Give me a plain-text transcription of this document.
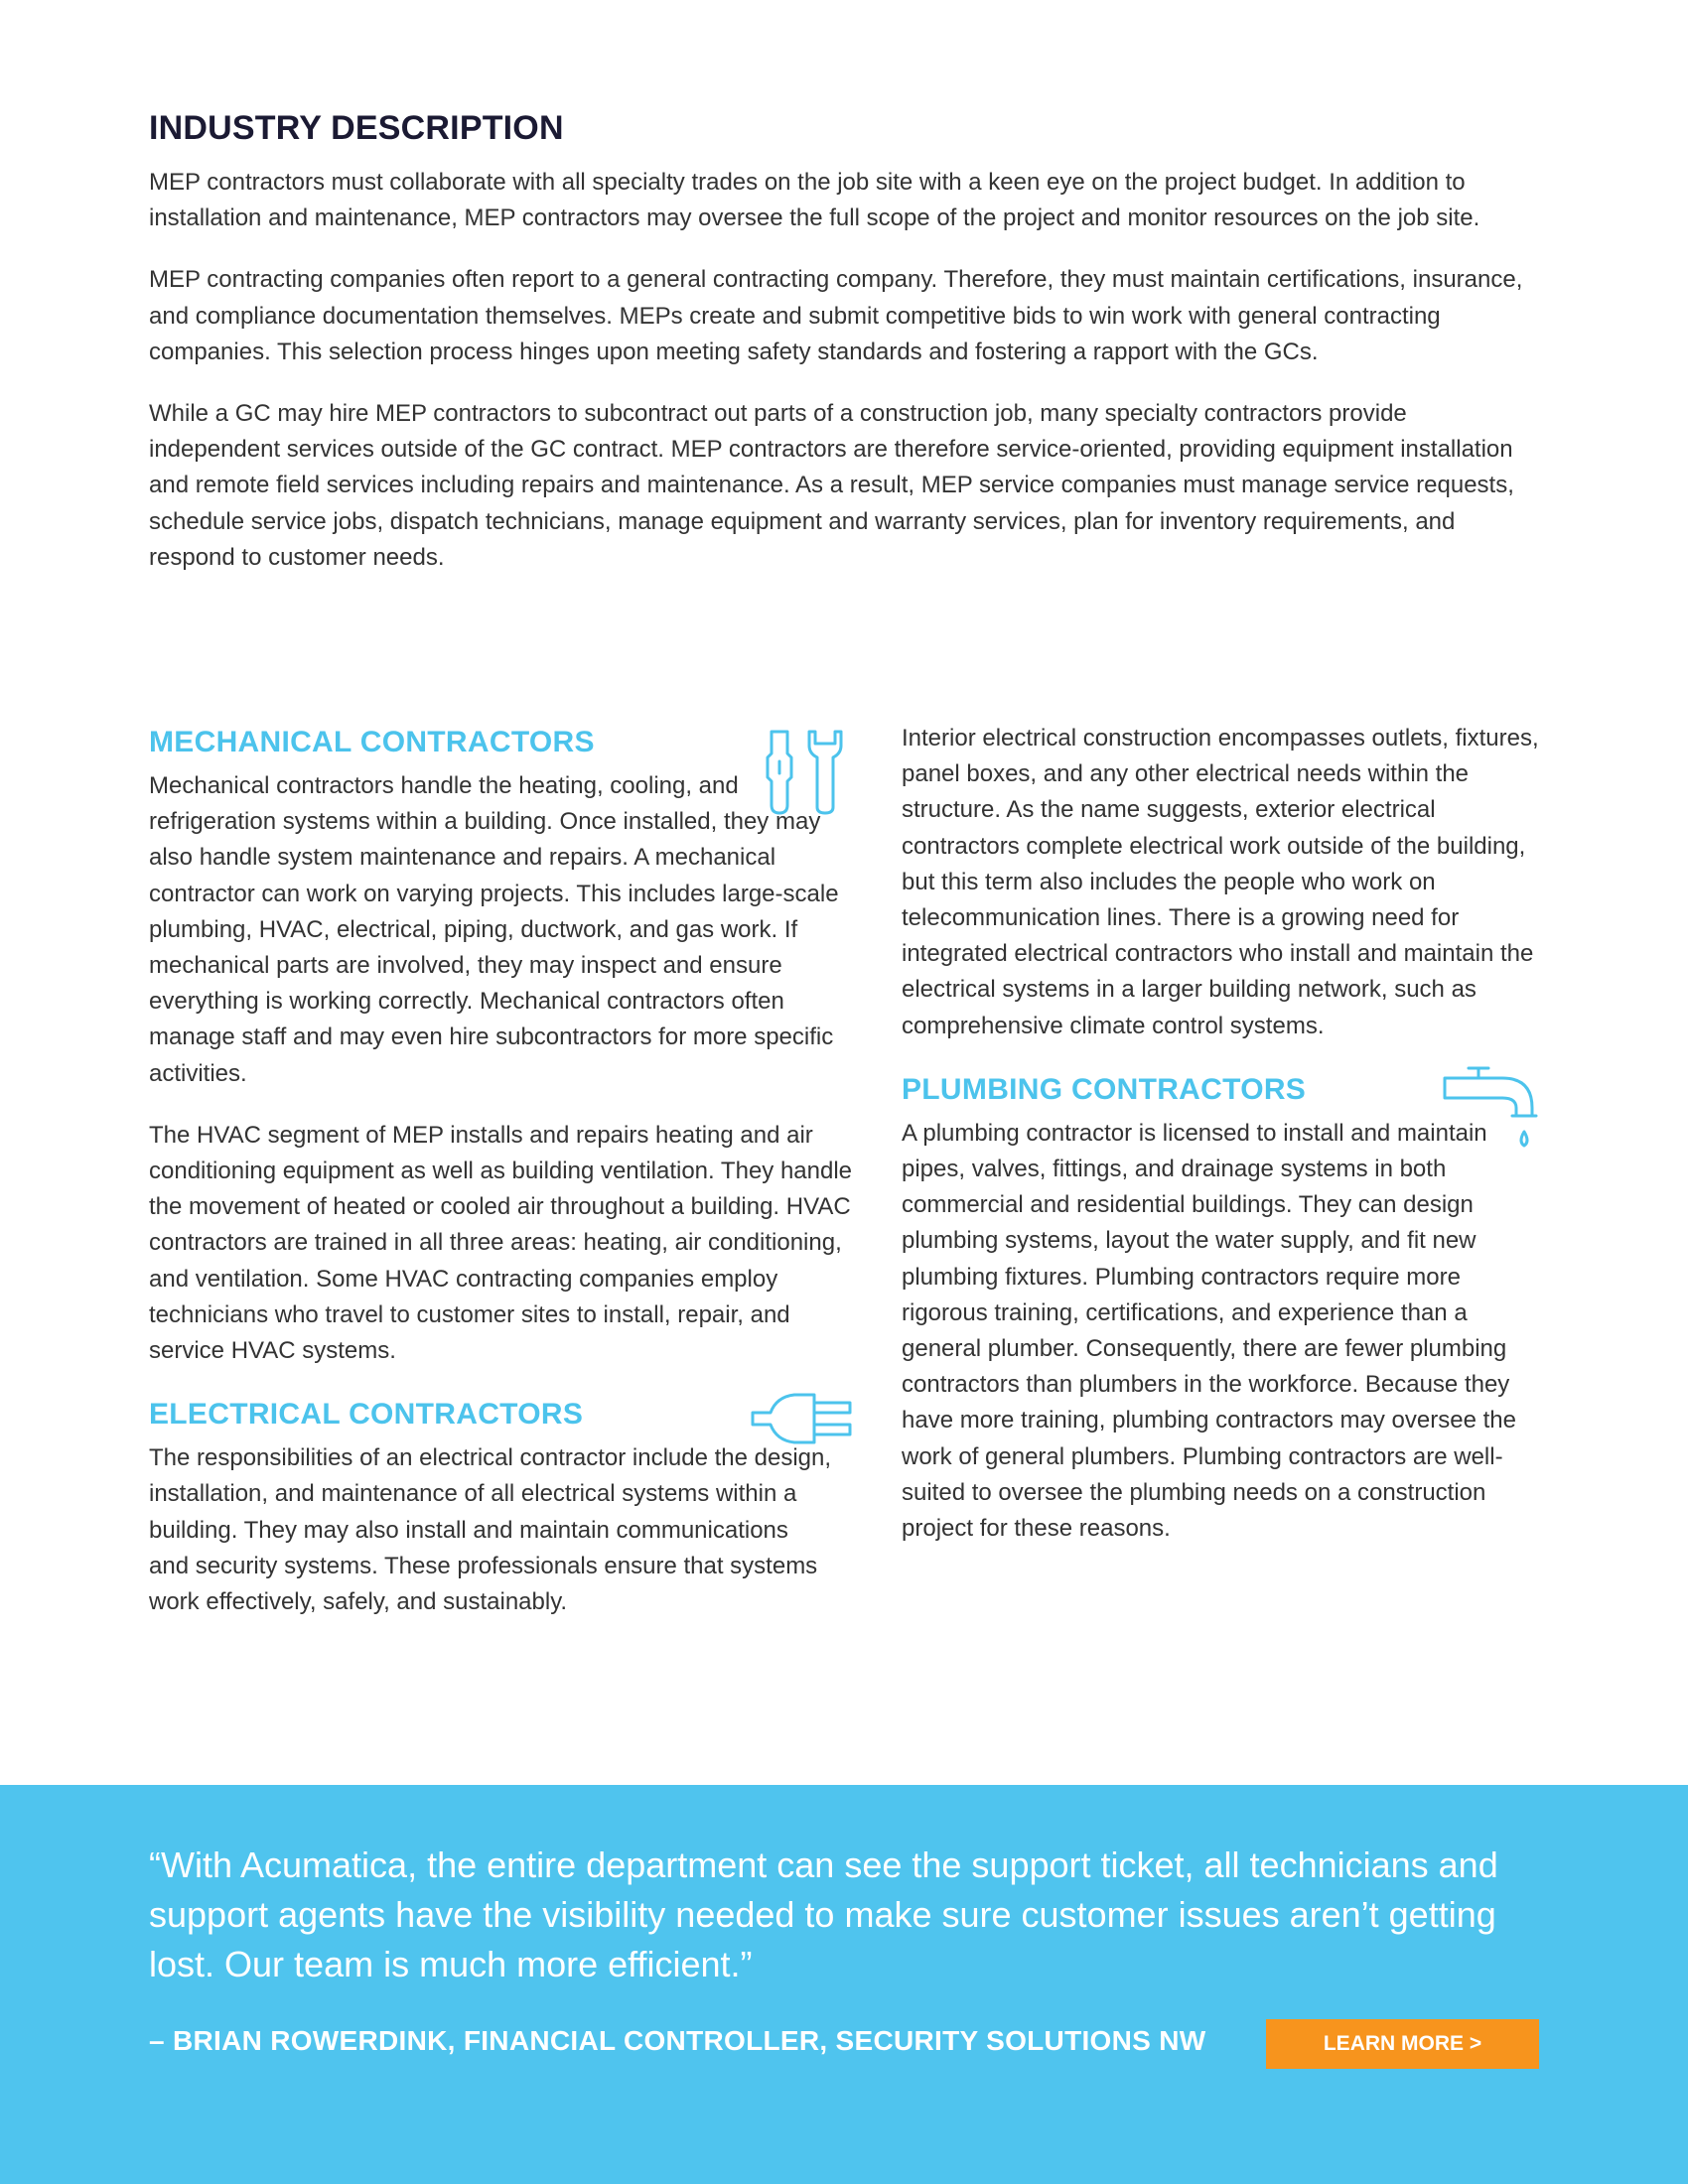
INDUSTRY DESCRIPTION

MEP contractors must collaborate with all specialty trades on the job site with a keen eye on the project budget. In addition to installation and maintenance, MEP contractors may oversee the full scope of the project and monitor resources on the job site.

MEP contracting companies often report to a general contracting company. Therefore, they must maintain certifications, insurance, and compliance documentation themselves. MEPs create and submit competitive bids to win work with general contracting companies. This selection process hinges upon meeting safety standards and fostering a rapport with the GCs.

While a GC may hire MEP contractors to subcontract out parts of a construction job, many specialty contractors provide independent services outside of the GC contract. MEP contractors are therefore service-oriented, providing equipment installation and remote field services including repairs and maintenance. As a result, MEP service companies must manage service requests, schedule service jobs, dispatch technicians, manage equipment and warranty services, plan for inventory requirements, and respond to customer needs.

MECHANICAL CONTRACTORS

Mechanical contractors handle the heating, cooling, and refrigeration systems within a building. Once installed, they may also handle system maintenance and repairs. A mechanical contractor can work on varying projects. This includes large-scale plumbing, HVAC, electrical, piping, ductwork, and gas work. If mechanical parts are involved, they may inspect and ensure everything is working correctly. Mechanical contractors often manage staff and may even hire subcontractors for more specific activities.

The HVAC segment of MEP installs and repairs heating and air conditioning equipment as well as building ventilation. They handle the movement of heated or cooled air throughout a building. HVAC contractors are trained in all three areas: heating, air conditioning, and ventilation. Some HVAC contracting companies employ technicians who travel to customer sites to install, repair, and service HVAC systems.

ELECTRICAL CONTRACTORS

The responsibilities of an electrical contractor include the design, installation, and maintenance of all electrical systems within a building. They may also install and maintain communications and security systems. These professionals ensure that systems work effectively, safely, and sustainably.

Interior electrical construction encompasses outlets, fixtures, panel boxes, and any other electrical needs within the structure. As the name suggests, exterior electrical contractors complete electrical work outside of the building, but this term also includes the people who work on telecommunication lines. There is a growing need for integrated electrical contractors who install and maintain the electrical systems in a larger building network, such as comprehensive climate control systems.

PLUMBING CONTRACTORS

A plumbing contractor is licensed to install and maintain pipes, valves, fittings, and drainage systems in both commercial and residential buildings. They can design plumbing systems, layout the water supply, and fit new plumbing fixtures. Plumbing contractors require more rigorous training, certifications, and experience than a general plumber. Consequently, there are fewer plumbing contractors than plumbers in the workforce. Because they have more training, plumbing contractors may oversee the work of general plumbers. Plumbing contractors are well-suited to oversee the plumbing needs on a construction project for these reasons.

“With Acumatica, the entire department can see the support ticket, all technicians and support agents have the visibility needed to make sure customer issues aren’t getting lost. Our team is much more efficient.”

– BRIAN ROWERDINK, FINANCIAL CONTROLLER, SECURITY SOLUTIONS NW	LEARN MORE >
